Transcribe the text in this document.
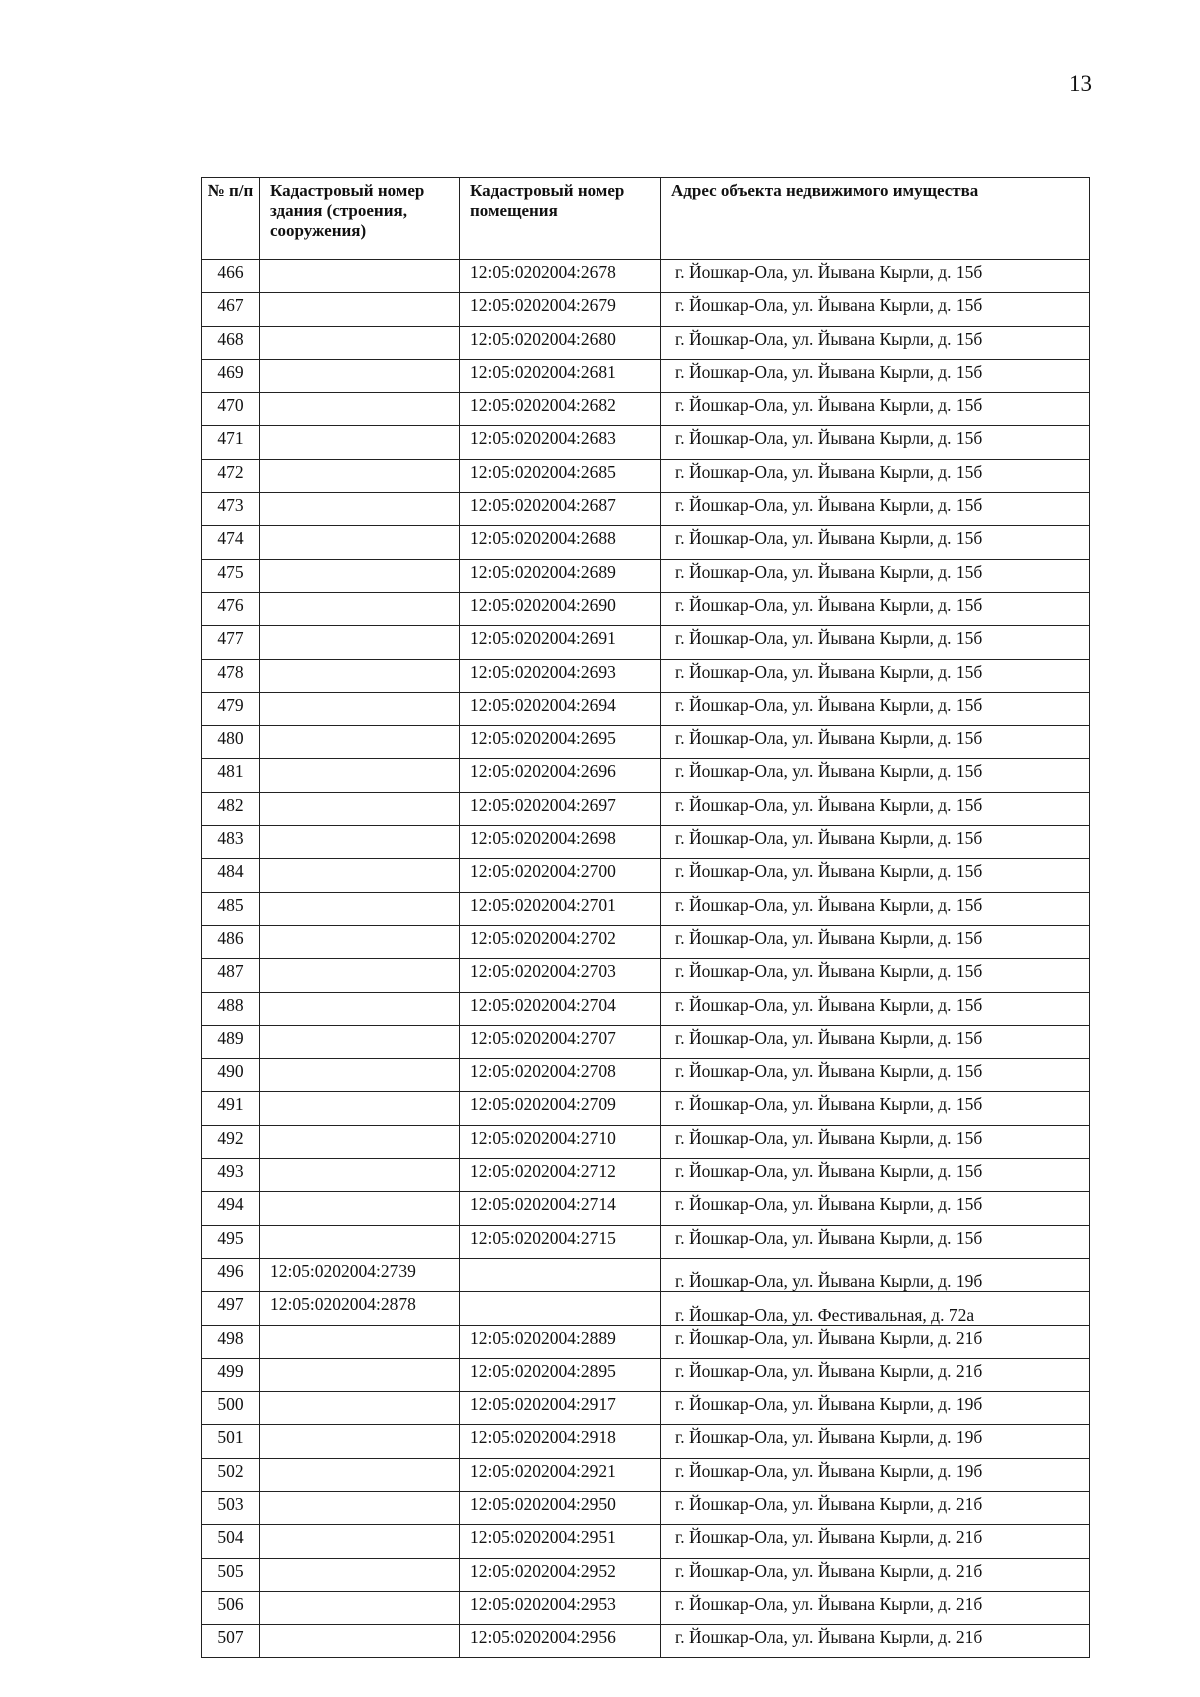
13
№ п/п	Кадастровый номер здания (строения, сооружения)	Кадастровый номер помещения	Адрес объекта недвижимого имущества
466		12:05:0202004:2678	г. Йошкар-Ола, ул. Йывана Кырли, д. 15б
467		12:05:0202004:2679	г. Йошкар-Ола, ул. Йывана Кырли, д. 15б
468		12:05:0202004:2680	г. Йошкар-Ола, ул. Йывана Кырли, д. 15б
469		12:05:0202004:2681	г. Йошкар-Ола, ул. Йывана Кырли, д. 15б
470		12:05:0202004:2682	г. Йошкар-Ола, ул. Йывана Кырли, д. 15б
471		12:05:0202004:2683	г. Йошкар-Ола, ул. Йывана Кырли, д. 15б
472		12:05:0202004:2685	г. Йошкар-Ола, ул. Йывана Кырли, д. 15б
473		12:05:0202004:2687	г. Йошкар-Ола, ул. Йывана Кырли, д. 15б
474		12:05:0202004:2688	г. Йошкар-Ола, ул. Йывана Кырли, д. 15б
475		12:05:0202004:2689	г. Йошкар-Ола, ул. Йывана Кырли, д. 15б
476		12:05:0202004:2690	г. Йошкар-Ола, ул. Йывана Кырли, д. 15б
477		12:05:0202004:2691	г. Йошкар-Ола, ул. Йывана Кырли, д. 15б
478		12:05:0202004:2693	г. Йошкар-Ола, ул. Йывана Кырли, д. 15б
479		12:05:0202004:2694	г. Йошкар-Ола, ул. Йывана Кырли, д. 15б
480		12:05:0202004:2695	г. Йошкар-Ола, ул. Йывана Кырли, д. 15б
481		12:05:0202004:2696	г. Йошкар-Ола, ул. Йывана Кырли, д. 15б
482		12:05:0202004:2697	г. Йошкар-Ола, ул. Йывана Кырли, д. 15б
483		12:05:0202004:2698	г. Йошкар-Ола, ул. Йывана Кырли, д. 15б
484		12:05:0202004:2700	г. Йошкар-Ола, ул. Йывана Кырли, д. 15б
485		12:05:0202004:2701	г. Йошкар-Ола, ул. Йывана Кырли, д. 15б
486		12:05:0202004:2702	г. Йошкар-Ола, ул. Йывана Кырли, д. 15б
487		12:05:0202004:2703	г. Йошкар-Ола, ул. Йывана Кырли, д. 15б
488		12:05:0202004:2704	г. Йошкар-Ола, ул. Йывана Кырли, д. 15б
489		12:05:0202004:2707	г. Йошкар-Ола, ул. Йывана Кырли, д. 15б
490		12:05:0202004:2708	г. Йошкар-Ола, ул. Йывана Кырли, д. 15б
491		12:05:0202004:2709	г. Йошкар-Ола, ул. Йывана Кырли, д. 15б
492		12:05:0202004:2710	г. Йошкар-Ола, ул. Йывана Кырли, д. 15б
493		12:05:0202004:2712	г. Йошкар-Ола, ул. Йывана Кырли, д. 15б
494		12:05:0202004:2714	г. Йошкар-Ола, ул. Йывана Кырли, д. 15б
495		12:05:0202004:2715	г. Йошкар-Ола, ул. Йывана Кырли, д. 15б
496	12:05:0202004:2739		г. Йошкар-Ола, ул. Йывана Кырли, д. 19б
497	12:05:0202004:2878		г. Йошкар-Ола, ул. Фестивальная, д. 72а
498		12:05:0202004:2889	г. Йошкар-Ола, ул. Йывана Кырли, д. 21б
499		12:05:0202004:2895	г. Йошкар-Ола, ул. Йывана Кырли, д. 21б
500		12:05:0202004:2917	г. Йошкар-Ола, ул. Йывана Кырли, д. 19б
501		12:05:0202004:2918	г. Йошкар-Ола, ул. Йывана Кырли, д. 19б
502		12:05:0202004:2921	г. Йошкар-Ола, ул. Йывана Кырли, д. 19б
503		12:05:0202004:2950	г. Йошкар-Ола, ул. Йывана Кырли, д. 21б
504		12:05:0202004:2951	г. Йошкар-Ола, ул. Йывана Кырли, д. 21б
505		12:05:0202004:2952	г. Йошкар-Ола, ул. Йывана Кырли, д. 21б
506		12:05:0202004:2953	г. Йошкар-Ола, ул. Йывана Кырли, д. 21б
507		12:05:0202004:2956	г. Йошкар-Ола, ул. Йывана Кырли, д. 21б
